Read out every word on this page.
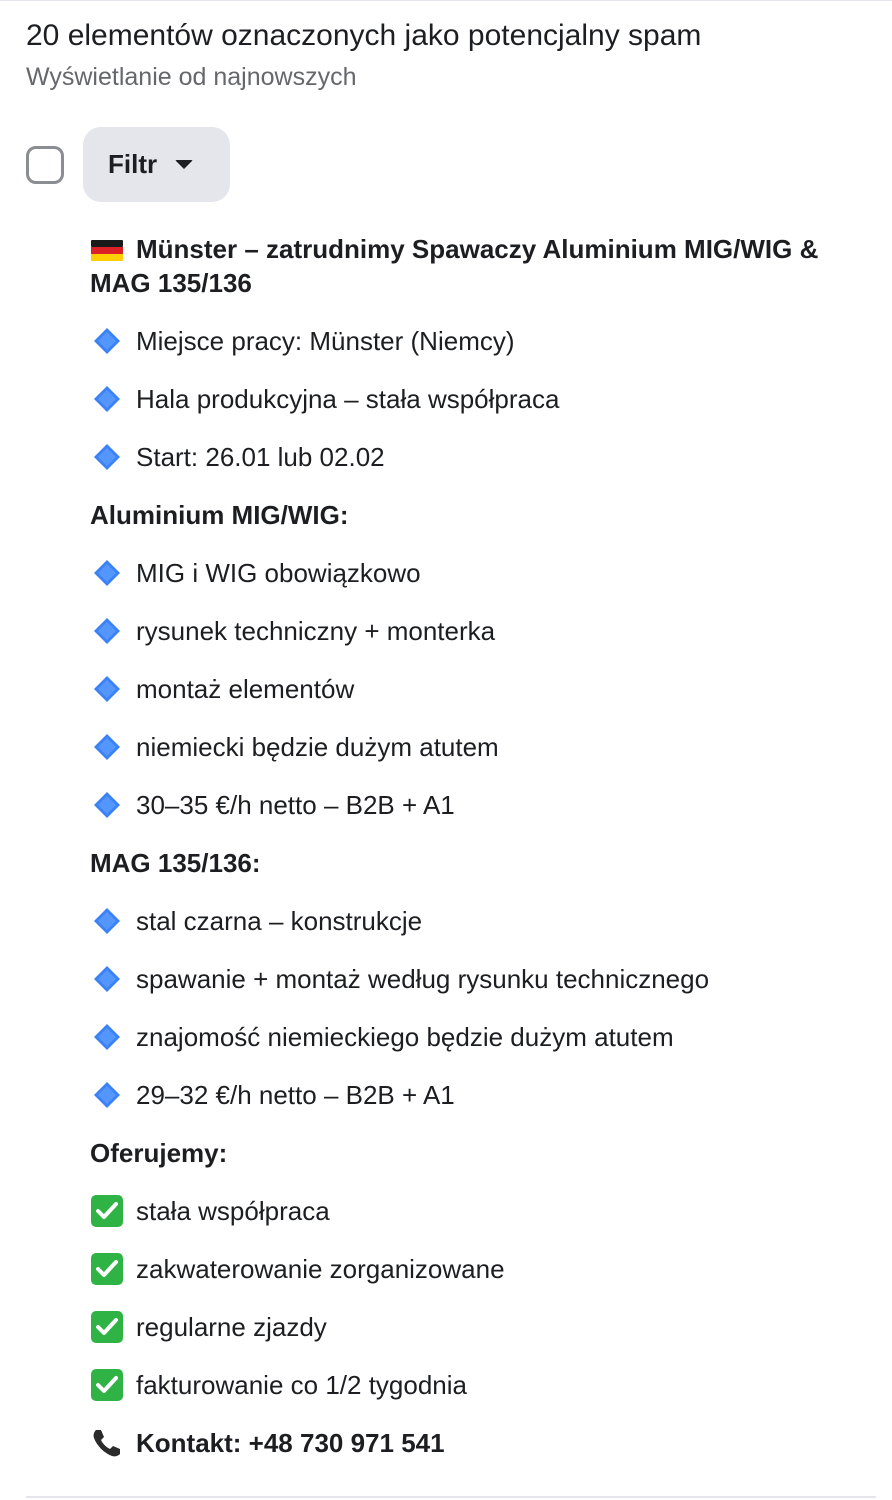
20 elementów oznaczonych jako potencjalny spam
Wyświetlanie od najnowszych
Filtr
Münster – zatrudnimy Spawaczy Aluminium MIG/WIG & MAG 135/136
Miejsce pracy: Münster (Niemcy)
Hala produkcyjna – stała współpraca
Start: 26.01 lub 02.02
Aluminium MIG/WIG:
MIG i WIG obowiązkowo
rysunek techniczny + monterka
montaż elementów
niemiecki będzie dużym atutem
30–35 €/h netto – B2B + A1
MAG 135/136:
stal czarna – konstrukcje
spawanie + montaż według rysunku technicznego
znajomość niemieckiego będzie dużym atutem
29–32 €/h netto – B2B + A1
Oferujemy:
stała współpraca
zakwaterowanie zorganizowane
regularne zjazdy
fakturowanie co 1/2 tygodnia
Kontakt: +48 730 971 541
